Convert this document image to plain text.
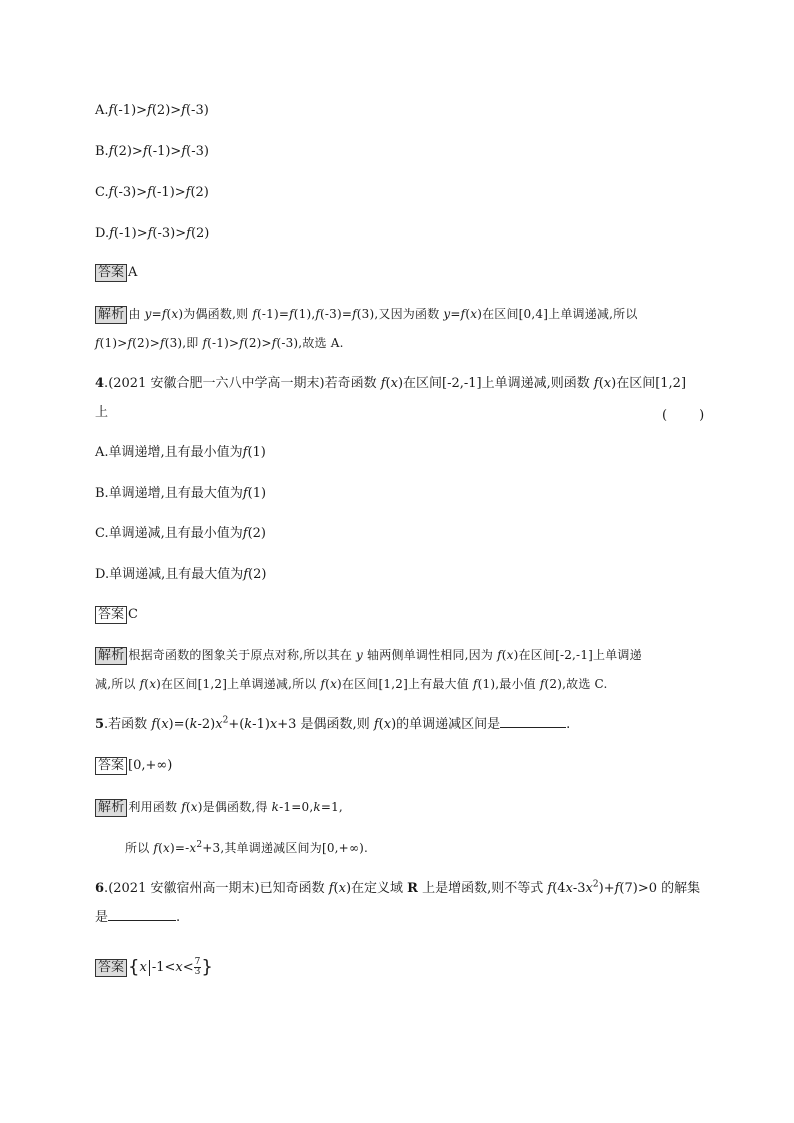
A.f(-1)>f(2)>f(-3)
B.f(2)>f(-1)>f(-3)
C.f(-3)>f(-1)>f(2)
D.f(-1)>f(-3)>f(2)
答案 A
解析 由 y=f(x)为偶函数,则 f(-1)=f(1),f(-3)=f(3),又因为函数 y=f(x)在区间[0,4]上单调递减,所以
f(1)>f(2)>f(3),即 f(-1)>f(2)>f(-3),故选 A.
4.(2021 安徽合肥一六八中学高一期末)若奇函数 f(x)在区间[-2,-1]上单调递减,则函数 f(x)在区间[1,2]
上	(　　)
A.单调递增,且有最小值为f(1)
B.单调递增,且有最大值为f(1)
C.单调递减,且有最小值为f(2)
D.单调递减,且有最大值为f(2)
答案 C
解析 根据奇函数的图象关于原点对称,所以其在 y 轴两侧单调性相同,因为 f(x)在区间[-2,-1]上单调递
减,所以 f(x)在区间[1,2]上单调递减,所以 f(x)在区间[1,2]上有最大值 f(1),最小值 f(2),故选 C.
5.若函数 $f(x)=(k-2)x^2+(k-1)x+3$ 是偶函数,则 f(x)的单调递减区间是	.
答案 [0,+∞)
解析 利用函数 f(x)是偶函数,得 k-1=0,k=1,
所以 $f(x)=-x^2+3$,其单调递减区间为[0,+∞).
6.(2021 安徽宿州高一期末)已知奇函数 f(x)在定义域 R 上是增函数,则不等式 $f(4x-3x^2)+f(7)>0$ 的解集
是	.
答案 {x $-1<x< \frac{7}{3}$ }
